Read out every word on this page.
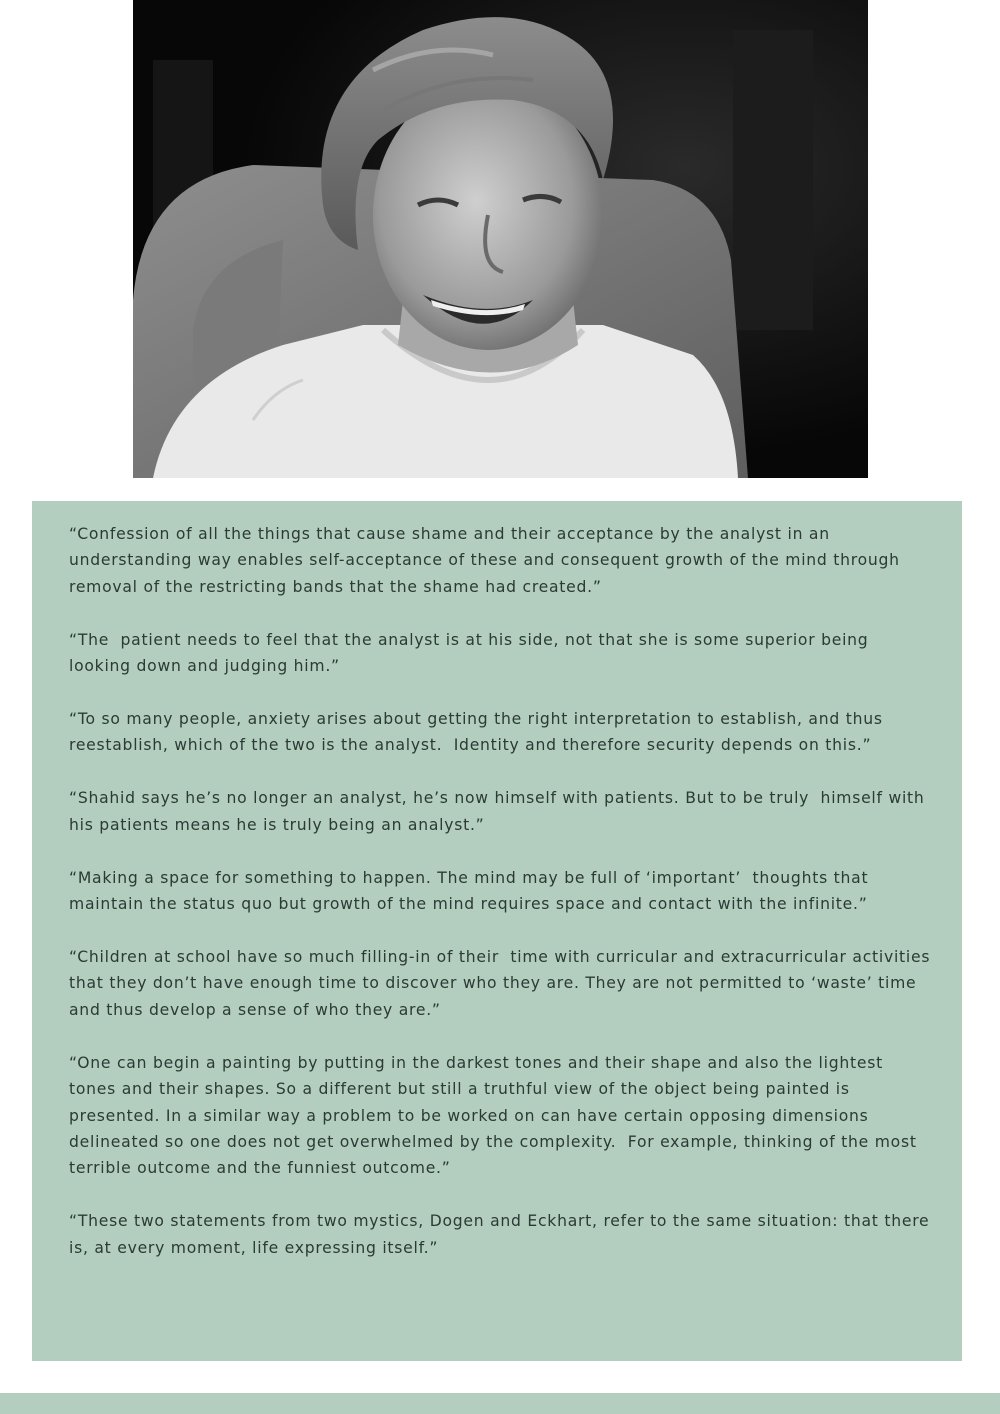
“Confession of all the things that cause shame and their acceptance by the analyst in an understanding way enables self-acceptance of these and consequent growth of the mind through removal of the restricting bands that the shame had created.”

“The  patient needs to feel that the analyst is at his side, not that she is some superior being looking down and judging him.”

“To so many people, anxiety arises about getting the right interpretation to establish, and thus reestablish, which of the two is the analyst.  Identity and therefore security depends on this.”

“Shahid says he’s no longer an analyst, he’s now himself with patients. But to be truly  himself with his patients means he is truly being an analyst.”

“Making a space for something to happen. The mind may be full of ‘important’  thoughts that maintain the status quo but growth of the mind requires space and contact with the infinite.”

“Children at school have so much filling-in of their  time with curricular and extracurricular activities that they don’t have enough time to discover who they are. They are not permitted to ‘waste’ time and thus develop a sense of who they are.”

“One can begin a painting by putting in the darkest tones and their shape and also the lightest tones and their shapes. So a different but still a truthful view of the object being painted is presented. In a similar way a problem to be worked on can have certain opposing dimensions delineated so one does not get overwhelmed by the complexity.  For example, thinking of the most terrible outcome and the funniest outcome.”

“These two statements from two mystics, Dogen and Eckhart, refer to the same situation: that there is, at every moment, life expressing itself.”
